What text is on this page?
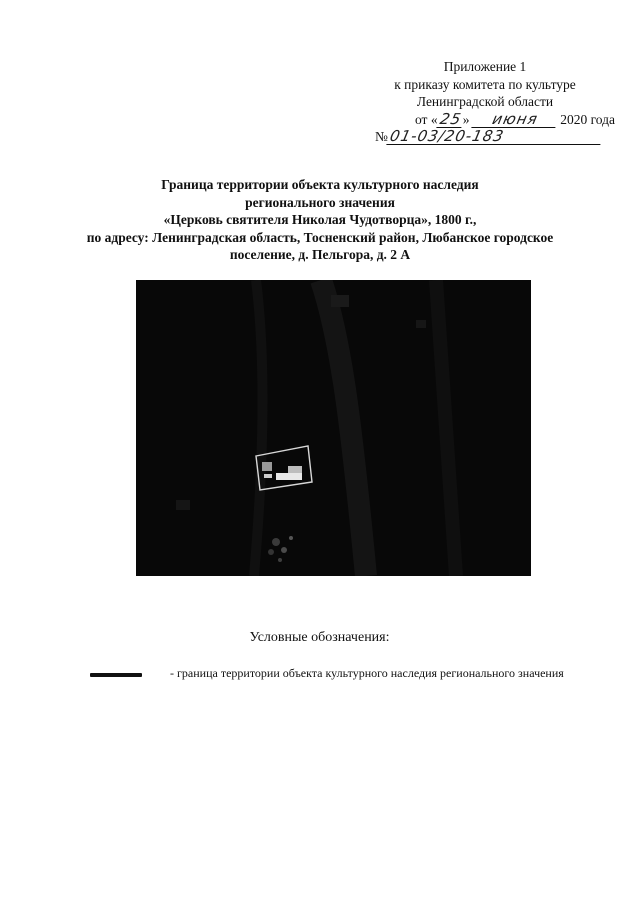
Приложение 1
к приказу комитета по культуре
Ленинградской области
от «25» июня 2020 года
№01-03/20-183
Граница территории объекта культурного наследия
регионального значения
«Церковь святителя Николая Чудотворца», 1800 г.,
по адресу: Ленинградская область, Тосненский район, Любанское городское
поселение, д. Пельгора, д. 2 А
Условные обозначения:
- граница территории объекта культурного наследия регионального значения
